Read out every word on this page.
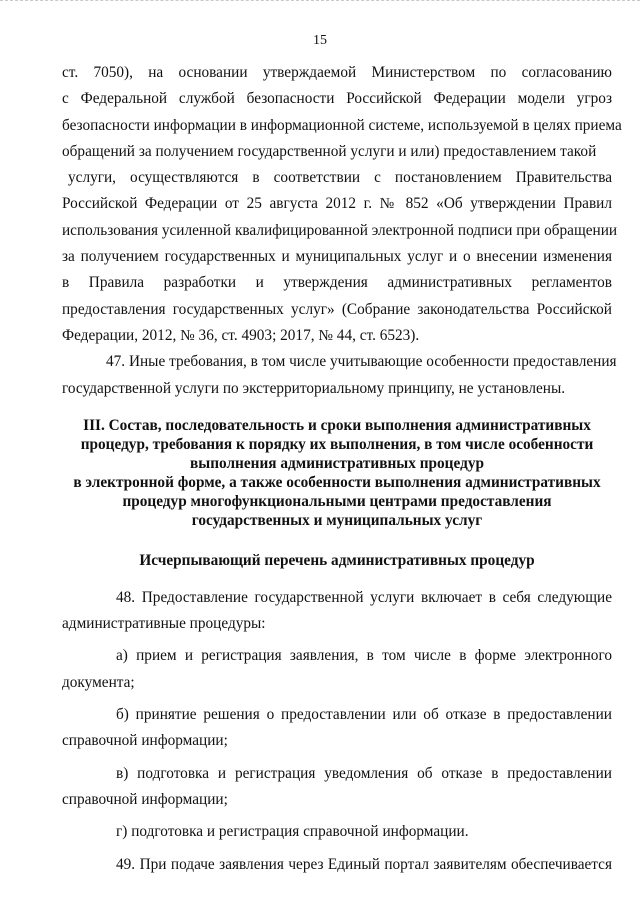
15
ст. 7050), на основании утверждаемой Министерством по согласованию
с Федеральной службой безопасности Российской Федерации модели угроз
безопасности информации в информационной системе, используемой в целях приема
обращений за получением государственной услуги и или) предоставлением такой
услуги, осуществляются в соответствии с постановлением Правительства
Российской Федерации от 25 августа 2012 г. № 852 «Об утверждении Правил
использования усиленной квалифицированной электронной подписи при обращении
за получением государственных и муниципальных услуг и о внесении изменения
в Правила разработки и утверждения административных регламентов
предоставления государственных услуг» (Собрание законодательства Российской
Федерации, 2012, № 36, ст. 4903; 2017, № 44, ст. 6523).
47. Иные требования, в том числе учитывающие особенности предоставления
государственной услуги по экстерриториальному принципу, не установлены.
III. Состав, последовательность и сроки выполнения административных
процедур, требования к порядку их выполнения, в том числе особенности
выполнения административных процедур
в электронной форме, а также особенности выполнения административных
процедур многофункциональными центрами предоставления
государственных и муниципальных услуг
Исчерпывающий перечень административных процедур
48. Предоставление государственной услуги включает в себя следующие
административные процедуры:
а) прием и регистрация заявления, в том числе в форме электронного
документа;
б) принятие решения о предоставлении или об отказе в предоставлении
справочной информации;
в) подготовка и регистрация уведомления об отказе в предоставлении
справочной информации;
г) подготовка и регистрация справочной информации.
49. При подаче заявления через Единый портал заявителям обеспечивается
